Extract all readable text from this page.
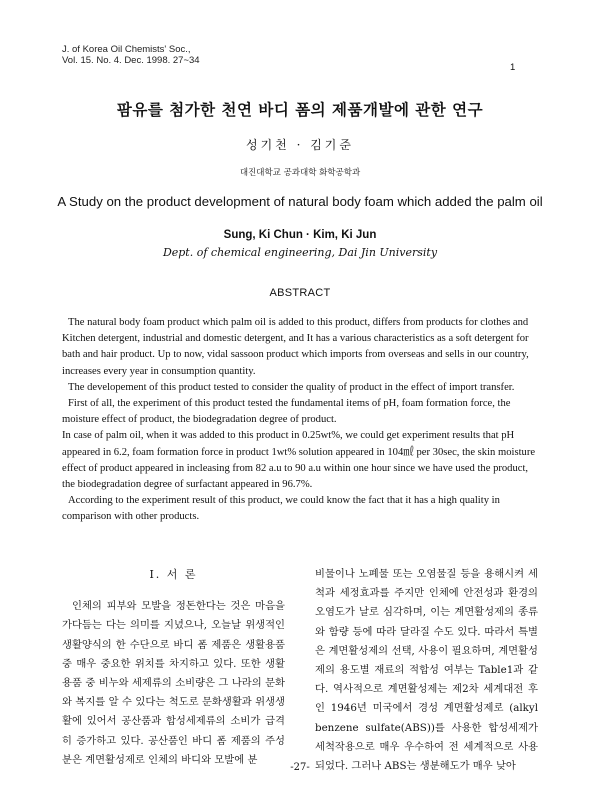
J. of Korea Oil Chemists' Soc.,
Vol. 15. No. 4. Dec. 1998. 27~34
1
팜유를 첨가한 천연 바디 폼의 제품개발에 관한 연구
성기천 · 김기준
대진대학교 공과대학 화학공학과
A Study on the product development of natural body foam which added the palm oil
Sung, Ki Chun · Kim, Ki Jun
Dept. of chemical engineering, Dai Jin University
ABSTRACT

The natural body foam product which palm oil is added to this product, differs from products for clothes and Kitchen detergent, industrial and domestic detergent, and It has a various characteristics as a soft detergent for bath and hair product. Up to now, vidal sassoon product which imports from overseas and sells in our country, increases every year in consumption quantity.

The developement of this product tested to consider the quality of product in the effect of import transfer.

First of all, the experiment of this product tested the fundamental items of pH, foam formation force, the moisture effect of product, the biodegradation degree of product.

In case of palm oil, when it was added to this product in 0.25wt%, we could get experiment results that pH appeared in 6.2, foam formation force in product 1wt% solution appeared in 104㎖ per 30sec, the skin moisture effect of product appeared in incleasing from 82 a.u to 90 a.u within one hour since we have used the product, the biodegradation degree of surfactant appeared in 96.7%.

According to the experiment result of this product, we could know the fact that it has a high quality in comparison with other products.

I. 서 론

인체의 피부와 모발을 정돈한다는 것은 마음을 가다듬는 다는 의미를 지녔으나, 오늘날 위생적인 생활양식의 한 수단으로 바디 폼 제품은 생활용품 중 매우 중요한 위치를 차지하고 있다. 또한 생활용품 중 비누와 세제류의 소비량은 그 나라의 문화와 복지를 알 수 있다는 척도로 문화생활과 위생생활에 있어서 공산품과 합성세제류의 소비가 급격히 증가하고 있다. 공산품인 바디 폼 제품의 주성분은 계면활성제로 인체의 바디와 모발에 분

비물이나 노폐물 또는 오염물질 등을 용해시켜 세척과 세정효과를 주지만 인체에 안전성과 환경의 오염도가 날로 심각하며, 이는 계면활성제의 종류와 함량 등에 따라 달라질 수도 있다. 따라서 특별은 계면활성제의 선택, 사용이 필요하며, 계면활성제의 용도별 재료의 적합성 여부는 Table1과 같다. 역사적으로 계면활성제는 제2차 세계대전 후인 1946년 미국에서 경성 계면활성제로 (alkyl benzene sulfate(ABS))를 사용한 합성세제가 세척작용으로 매우 우수하여 전 세계적으로 사용되었다. 그러나 ABS는 생분해도가 매우 낮아

-27-
